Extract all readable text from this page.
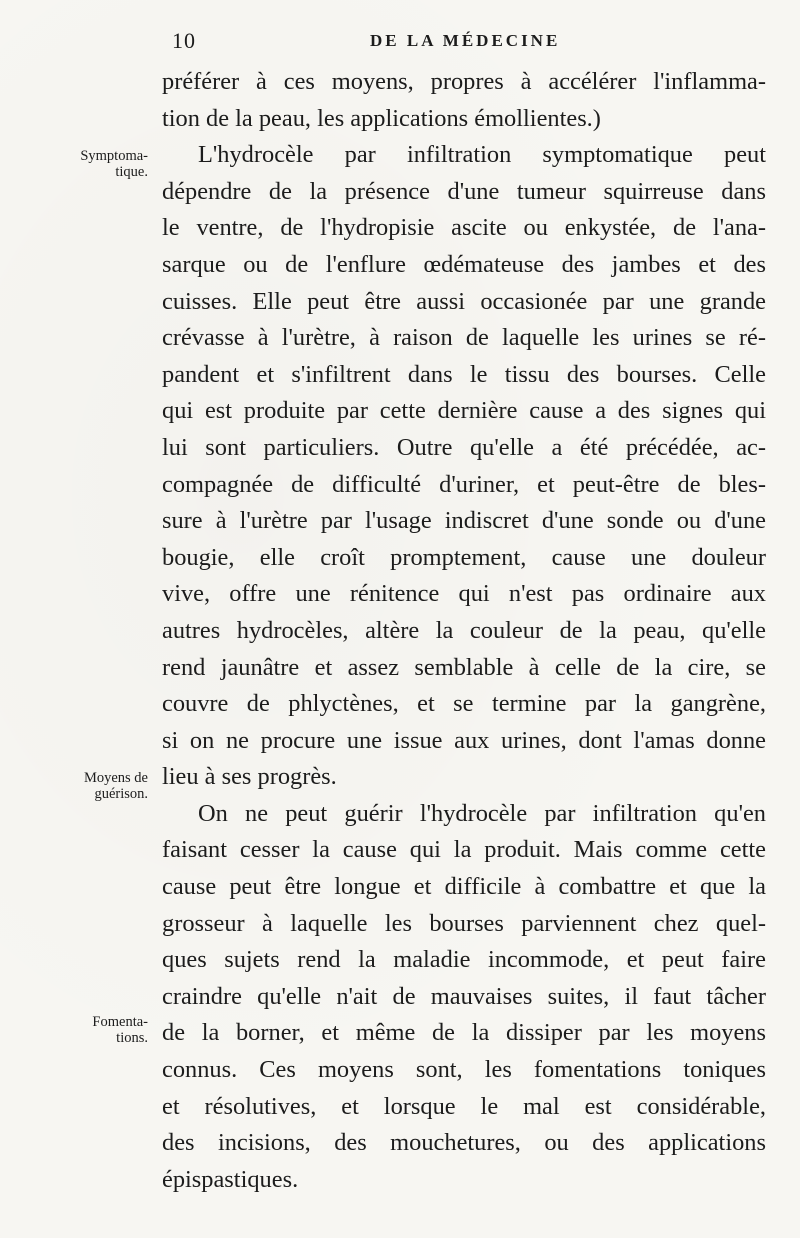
10	DE LA MÉDECINE
Symptoma-
tique.
Moyens de
guérison.
Fomenta-
tions.
préférer à ces moyens, propres à accélérer l'inflamma-
tion de la peau, les applications émollientes.)
L'hydrocèle par infiltration symptomatique peut
dépendre de la présence d'une tumeur squirreuse dans
le ventre, de l'hydropisie ascite ou enkystée, de l'ana-
sarque ou de l'enflure œdémateuse des jambes et des
cuisses. Elle peut être aussi occasionée par une grande
crévasse à l'urètre, à raison de laquelle les urines se ré-
pandent et s'infiltrent dans le tissu des bourses. Celle
qui est produite par cette dernière cause a des signes qui
lui sont particuliers. Outre qu'elle a été précédée, ac-
compagnée de difficulté d'uriner, et peut-être de bles-
sure à l'urètre par l'usage indiscret d'une sonde ou d'une
bougie, elle croît promptement, cause une douleur
vive, offre une rénitence qui n'est pas ordinaire aux
autres hydrocèles, altère la couleur de la peau, qu'elle
rend jaunâtre et assez semblable à celle de la cire, se
couvre de phlyctènes, et se termine par la gangrène,
si on ne procure une issue aux urines, dont l'amas donne
lieu à ses progrès.
On ne peut guérir l'hydrocèle par infiltration qu'en
faisant cesser la cause qui la produit. Mais comme cette
cause peut être longue et difficile à combattre et que la
grosseur à laquelle les bourses parviennent chez quel-
ques sujets rend la maladie incommode, et peut faire
craindre qu'elle n'ait de mauvaises suites, il faut tâcher
de la borner, et même de la dissiper par les moyens
connus. Ces moyens sont, les fomentations toniques
et résolutives, et lorsque le mal est considérable,
des incisions, des mouchetures, ou des applications
épispastiques.
